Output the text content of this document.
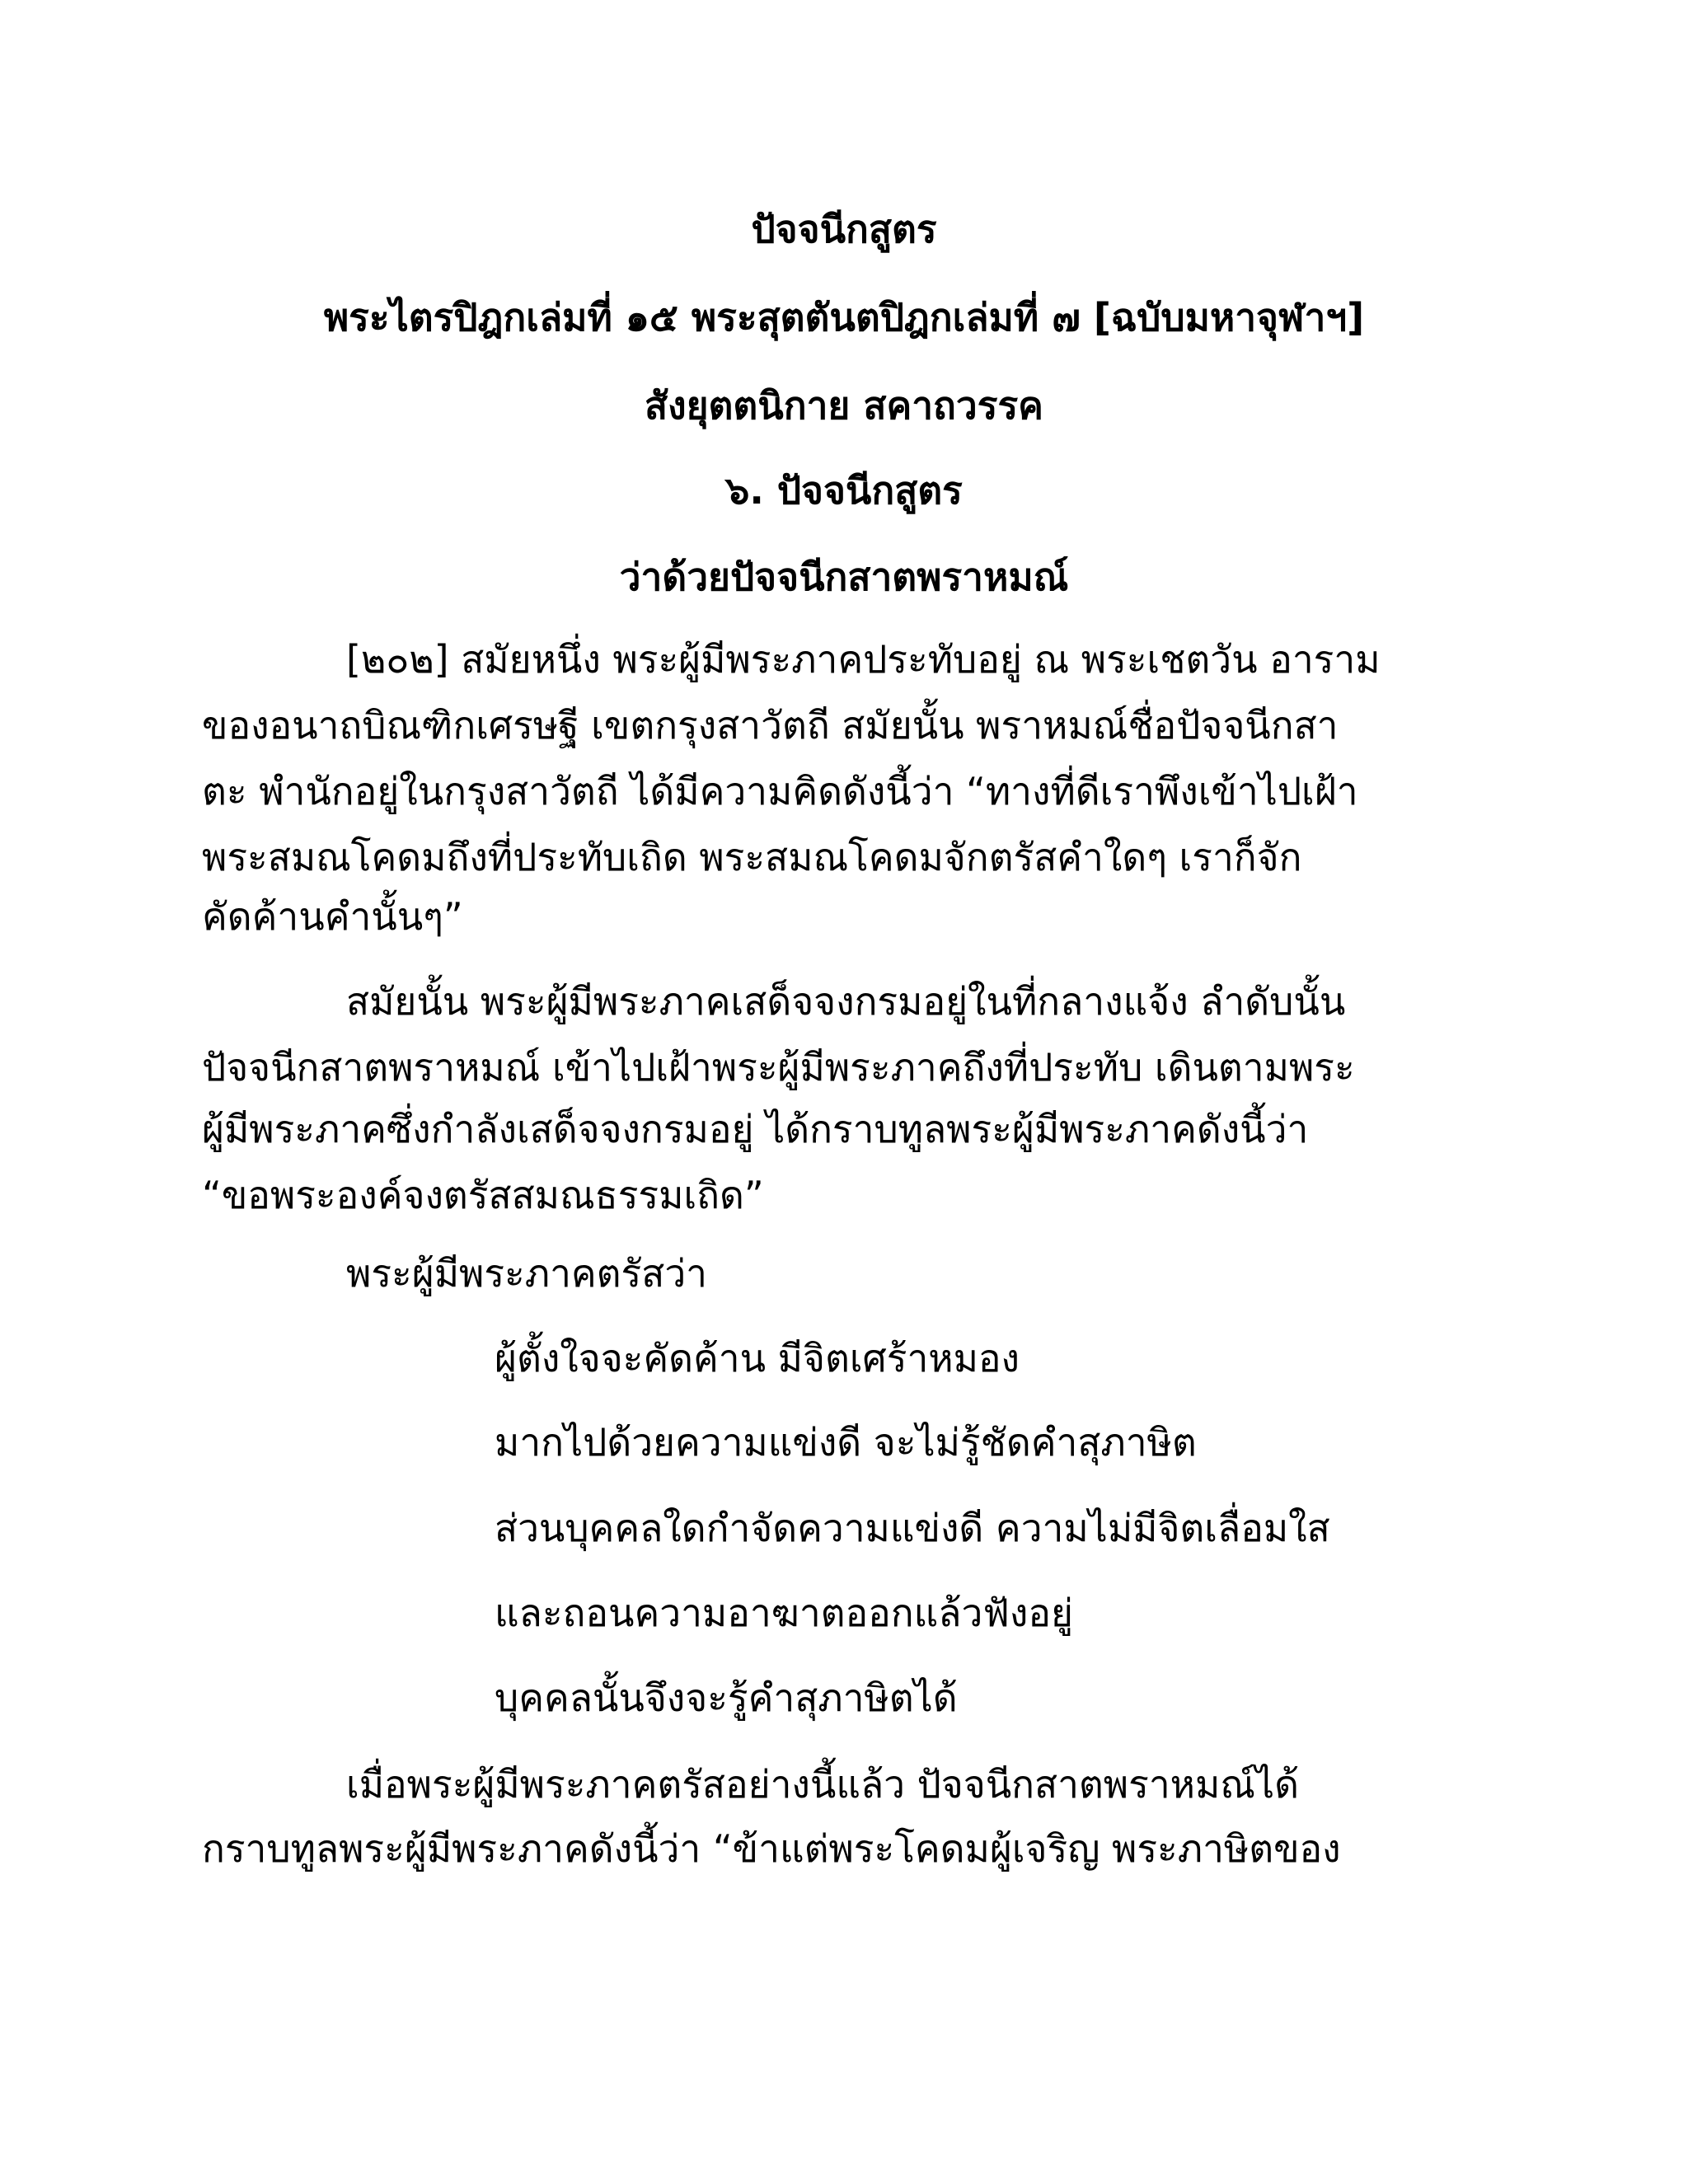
ปัจจนีกสูตร
พระไตรปิฎกเล่มที่ ๑๕ พระสุตตันตปิฎกเล่มที่ ๗ [ฉบับมหาจุฬาฯ]
สังยุตตนิกาย สคาถวรรค
๖. ปัจจนีกสูตร
ว่าด้วยปัจจนีกสาตพราหมณ์
[๒๐๒] สมัยหนึ่ง พระผู้มีพระภาคประทับอยู่ ณ พระเชตวัน อาราม
ของอนาถบิณฑิกเศรษฐี เขตกรุงสาวัตถี สมัยนั้น พราหมณ์ชื่อปัจจนีกสา
ตะ พำนักอยู่ในกรุงสาวัตถี ได้มีความคิดดังนี้ว่า “ทางที่ดีเราพึงเข้าไปเฝ้า
พระสมณโคดมถึงที่ประทับเถิด พระสมณโคดมจักตรัสคำใดๆ เราก็จัก
คัดค้านคำนั้นๆ”
สมัยนั้น พระผู้มีพระภาคเสด็จจงกรมอยู่ในที่กลางแจ้ง ลำดับนั้น
ปัจจนีกสาตพราหมณ์ เข้าไปเฝ้าพระผู้มีพระภาคถึงที่ประทับ เดินตามพระ
ผู้มีพระภาคซึ่งกำลังเสด็จจงกรมอยู่ ได้กราบทูลพระผู้มีพระภาคดังนี้ว่า
“ขอพระองค์จงตรัสสมณธรรมเถิด”
พระผู้มีพระภาคตรัสว่า
ผู้ตั้งใจจะคัดค้าน มีจิตเศร้าหมอง
มากไปด้วยความแข่งดี จะไม่รู้ชัดคำสุภาษิต
ส่วนบุคคลใดกำจัดความแข่งดี ความไม่มีจิตเลื่อมใส
และถอนความอาฆาตออกแล้วฟังอยู่
บุคคลนั้นจึงจะรู้คำสุภาษิตได้
เมื่อพระผู้มีพระภาคตรัสอย่างนี้แล้ว ปัจจนีกสาตพราหมณ์ได้
กราบทูลพระผู้มีพระภาคดังนี้ว่า “ข้าแต่พระโคดมผู้เจริญ พระภาษิตของ
